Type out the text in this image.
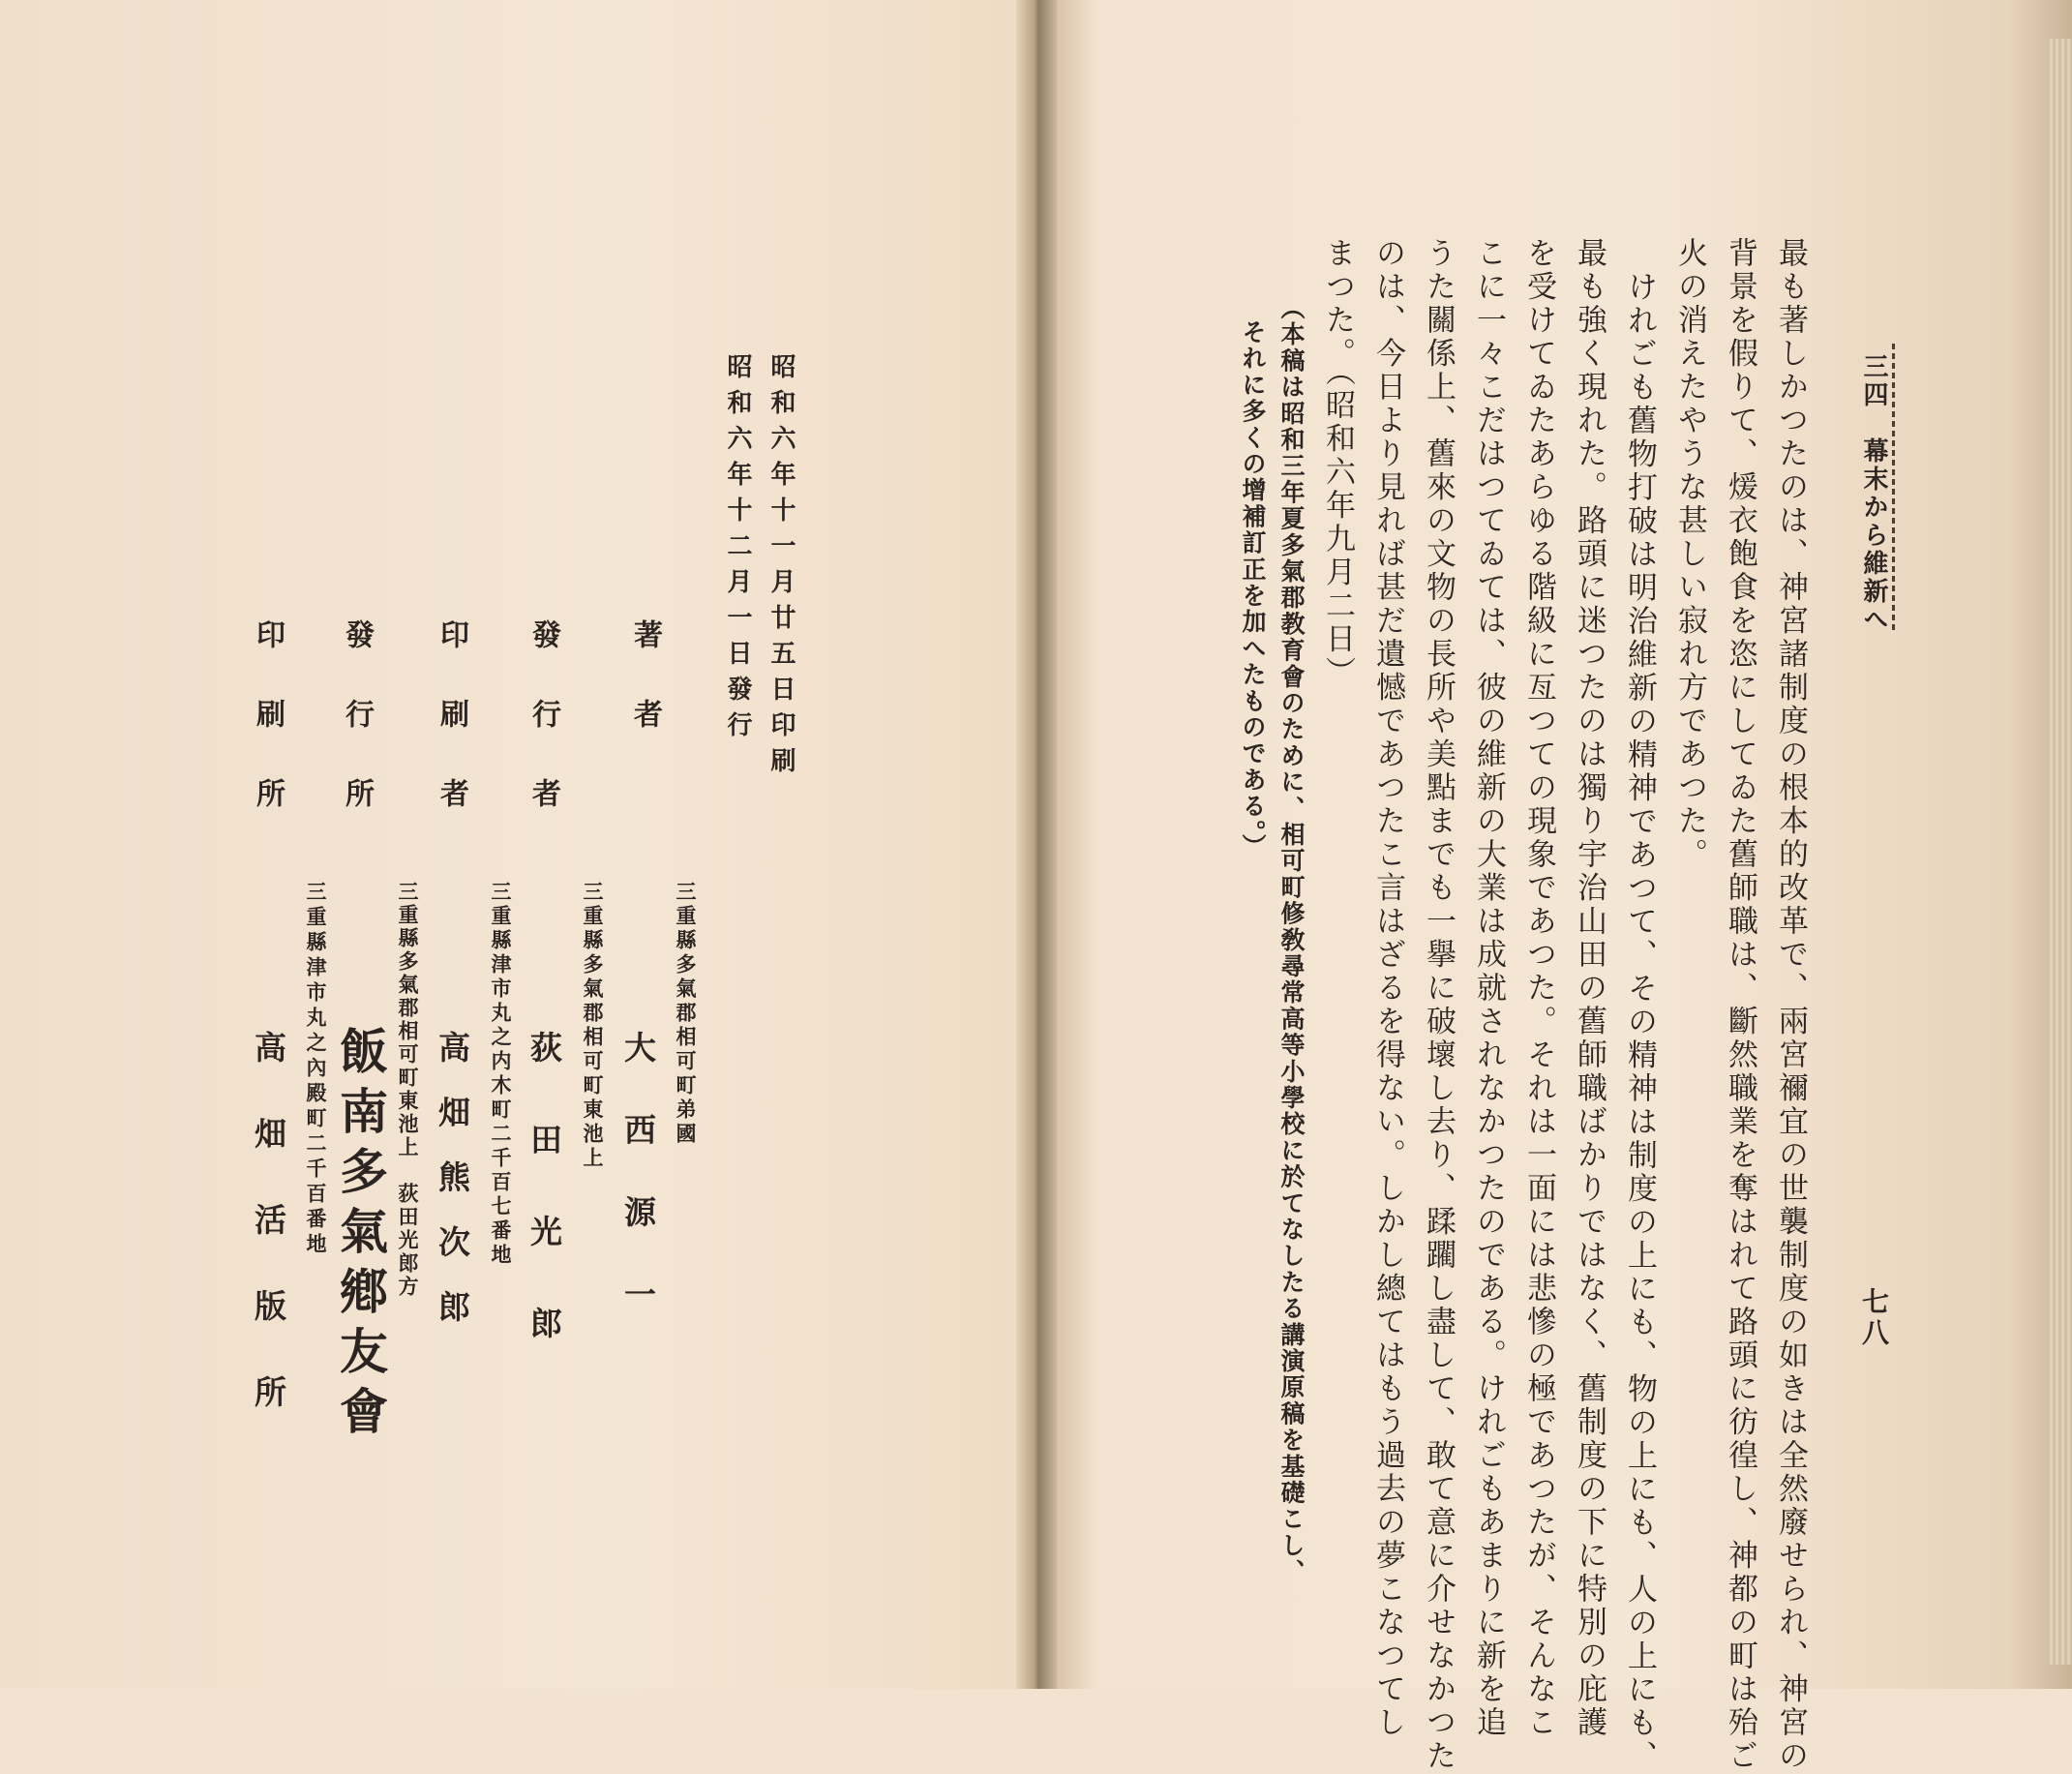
昭和六年十一月廿五日印刷
昭和六年十二月一日發行
著者
三重縣多氣郡相可町弟國
大西源一
發行者
三重縣多氣郡相可町東池上
荻田光郎
印刷者
三重縣津市丸之内木町二千百七番地
高畑熊次郎
發行所
三重縣多氣郡相可町東池上　荻田光郎方
飯南多氣鄕友會
印刷所
三重縣津市丸之內殿町二千百番地
高畑活版所
三四　幕末から維新へ
七八
最も著しかつたのは、神宮諸制度の根本的改革で、兩宮禰宜の世襲制度の如きは全然廢せられ、神宮の
背景を假りて、煖衣飽食を恣にしてゐた舊師職は、斷然職業を奪はれて路頭に彷徨し、神都の町は殆ご
火の消えたやうな甚しい寂れ方であつた。
けれごも舊物打破は明治維新の精神であつて、その精神は制度の上にも、物の上にも、人の上にも、
最も強く現れた。路頭に迷つたのは獨り宇治山田の舊師職ばかりではなく、舊制度の下に特別の庇護
を受けてゐたあらゆる階級に亙つての現象であつた。それは一面には悲慘の極であつたが、そんなこ
こに一々こだはつてゐては、彼の維新の大業は成就されなかつたのである。けれごもあまりに新を追
うた關係上、舊來の文物の長所や美點までも一擧に破壞し去り、蹂躙し盡して、敢て意に介せなかつた
のは、今日より見れば甚だ遺憾であつたこ言はざるを得ない。しかし總てはもう過去の夢こなつてし
まつた。（昭和六年九月二日）
（本稿は昭和三年夏多氣郡教育會のために、相可町修敎尋常高等小學校に於てなしたる講演原稿を基礎こし、
それに多くの增補訂正を加へたものである。）
